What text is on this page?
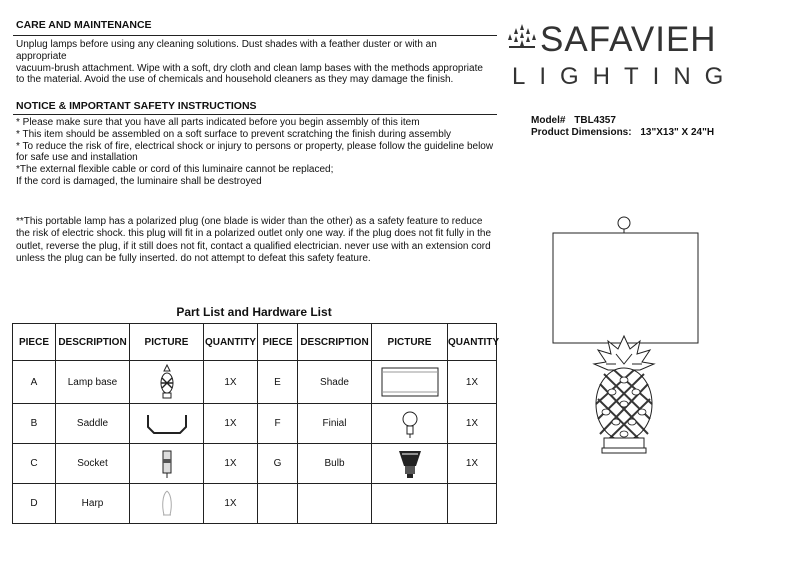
CARE AND MAINTENANCE
Unplug lamps before using any cleaning solutions. Dust shades with a feather duster or with an
appropriate
vacuum-brush attachment. Wipe with a soft, dry cloth and clean lamp bases with the methods appropriate
to the material. Avoid the use of chemicals and household cleaners as they may damage the finish.
NOTICE & IMPORTANT SAFETY INSTRUCTIONS
* Please make sure that you have all parts indicated before you begin assembly of this item
* This item should be assembled on a soft surface to prevent scratching the finish during assembly
* To reduce the risk of fire, electrical shock or injury to persons or property, please follow the guideline below for safe use and installation
*The external flexible cable or cord of this luminaire cannot be replaced;
If the cord is damaged, the luminaire shall be destroyed
**This portable lamp has a polarized plug (one blade is wider than the other) as a safety feature to reduce the risk of electric shock. this plug will fit in a polarized outlet only one way. if the plug does not fit fully in the outlet, reverse the plug, if it still does not fit, contact a qualified electrician. never use with an extension cord unless the plug can be fully inserted. do not attempt to defeat this safety feature.
SAFAVIEH
LIGHTING
Model# TBL4357
Product Dimensions: 13"X13" X 24"H
Part List and Hardware List
PIECE	DESCRIPTION	PICTURE	QUANTITY	PIECE	DESCRIPTION	PICTURE	QUANTITY
A	Lamp base		1X	E	Shade		1X
B	Saddle		1X	F	Finial		1X
C	Socket		1X	G	Bulb		1X
D	Harp		1X				
